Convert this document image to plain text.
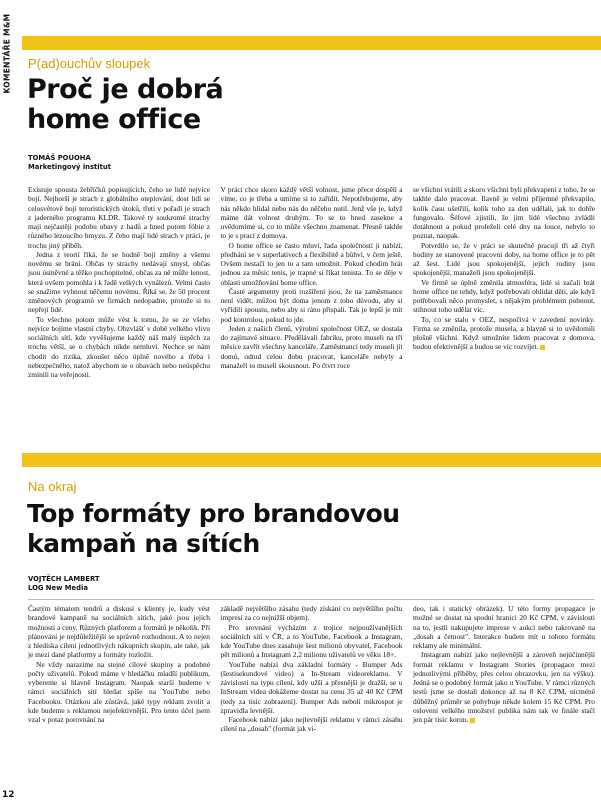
KOMENTÁŘE M&M
12
P(ad)ouchův sloupek
Proč je dobrá
home office
TOMÁŠ POUOHA
Marketingový institut

Existuje spousta žebříčků popisujících, čeho se lidé nejvíce bojí. Nejhorší je strach z globálního oteplování, dost lidí se celosvětově bojí teroristických útoků, třetí v pořadí je strach z jaderného programu KLDR. Takové ty soukromé strachy mají nejčastěji podobu obavy z hadů a hned potom fóbie z různého lezoucího hmyzu. Z čeho mají lidé strach v práci, je trochu jiný příběh.

Jedna z teorií říká, že se hodně bojí změny a všemu novému se brání. Občas ty strachy nedávají smysl, občas jsou úsměvné a těžko pochopitelné, občas za ně může lenost, která ovšem pomohla i k řadě velkých vynálezů. Velmi často se snažíme vyhnout něčemu novému. Říká se, že 50 procent změnových programů ve firmách nedopadne, protože si to nepřejí lidé.

To všechno potom může vést k tomu, že se ze všeho nejvíce bojíme vlastní chyby. Obzvlášť v době velkého vlivu sociálních sítí, kde vyvěšujeme každý náš malý úspěch za trochu větší, se o chybách nikde nemluví. Nechce se nám chodit do rizika, zkoušet něco úplně nového a třeba i nebezpečného, natož abychom se o obavách nebo neúspěchu zmínili na veřejnosti.

V práci chce skoro každý větší volnost, jsme přece dospělí a víme, co je třeba a umíme si to zařídit. Nepotřebujeme, aby nás někdo hlídal nebo nás do něčeho nutil. Jenž vše je, když máme dát volnost druhým. To se to hned zasekne a uvědomíme si, co to může všechno znamenat. Přesně takhle to je s prací z domova.

O home office se často mluví, řada společností ji nabízí, předhání se v superlativech a flexibilitě a bůhví, v čem ještě. Ovšem nestačí to jen tu a tam umožnit. Pokud chodím hrát jednou za měsíc tenis, je trapné si říkat tenista. To se děje v oblasti umožňování home office.

Časté argumenty proti rozšíření jsou, že na zaměstnance není vidět, můžou být doma jenom z toho důvodu, aby si vyřídili spoustu, nebo aby si ráno přispali. Tak je lepší je mít pod kontrolou, pokud to jde.

Jeden z našich členů, výrobní společnost OEZ, se dostala do zajímavé situace. Předělávali fabriku, proto museli na tři měsíce zavřít všechny kanceláře. Zaměstnanci tedy museli jít domů, odtud celou dobu pracovat, kanceláře nebyly a manažeři to museli skousnout. Po čtvrt roce

se všichni vrátili a skoro všichni byli překvapeni z toho, že se takhle dalo pracovat. Ilavně je velmi příjemné překvapilo, kolik času ušetřili, kolik toho za den udělali, jak to dobře fungovalo. Šéfové zjistili, že jim lidé všechno zvládli dotáhnout a pokud proleželi celé dny na louce, nebylo to poznat, naopak.

Potvrdilo se, že v práci se skutečně pracují tři až čtyři hodiny ze stanovené pracovní doby, na home office je to pět až šest. Lidé jsou spokojenější, jejich rodiny jsou spokojenější, manažeři jsou spokojenější.

Ve firmě se úplně změnila atmosféra, lidé si začali brát home office ne tehdy, když potřebovali ohlídat děti, ale když potřebovali něco promyslet, s nějakým problémem pohnout, stihnout toho udělat víc.

To, co se stalo v OEZ, nespočívá v zavedení novinky. Firma se změnila, protože musela, a hlavně si to uvědomili plošně všichni. Když umožníte lidem pracovat z domova, budou efektivnější a budou se víc rozvíjet.

Na okraj
Top formáty pro brandovou
kampaň na sítích
VOJTĚCH LAMBERT
LOG New Media

Častým tématem tendrů a diskusí s klienty je, kudy vést brandové kampaně na sociálních sítích, jaké jsou jejich možnosti a ceny. Různých platforem a formátů je několik. Při plánování je nejdůležitější se správně rozhodnout. A to nejen z hlediska cílení jednotlivých nákupních skupin, ale také, jak je mezi dané platformy a formáty rozložit.

Ne vždy narazíme na stejné cílové skupiny a podobné počty uživatelů. Pokud máme v hledáčku mladší publikum, vybereme si hlavně Instagram. Naopak starší budeme v rámci sociálních sítí hledat spíše na YouTube nebo Facebooku. Otázkou ale zůstává, jaké typy reklam zvolit a kde budeme s reklamou nejefektivnější. Pro tento účel jsem vzal v potaz porovnání na

základě největšího zásahu (tedy získání co největšího počtu impresí za co nejnižší objem).

Pro srovnání vycházím z trojice nejpoužívanějších sociálních sítí v ČR, a to YouTube, Facebook a Instagram, kde YouTube dnes zasahuje šest milionů obyvatel, Facebook pět milionů a Instagram 2,2 milionu uživatelů ve věku 18+.

YouTube nabízí dva základní formáty - Bumper Ads (šestisekundové video) a In-Stream videoreklamu. V závislosti na typu cílení, kdy užší a přesnější je dražší, se u InStream videa dokážeme dostat na cenu 35 až 40 Kč CPM (tedy za tisíc zobrazení). Bumper Ads nebolí mikrospot je zpravidla levnější.

Facebook nabízí jako nejlevnější reklamu v rámci zásahu cílení na „dosah" (formát jak vi-

deo, tak i statický obrázek). U této formy propagace je možné se dostat na spodní hranici 20 Kč CPM, v závislosti na to, jestli nakupujete imprese v aukci nebo rakrovaně na „dosah a četnost". Interakce budete mít u tohoto formátu reklamy ale minimální.

Instagram nabízí jako nejlevnější a zároveň nejúčinnější formát reklamu v Instagram Stories (propagace mezi jednotlivými příběhy, přes celou obrazovku, jen na výšku). Jedná se o podobný formát jako u YouTube. V rámci různých testů jsme se dostali dokonce až na 8 Kč CPM, nicméně důběžný průměr se pohybuje někde kolem 15 Kč CPM. Pro oslovení velkého množství publika nám tak ve finále stačí jen pár tisíc korun.
